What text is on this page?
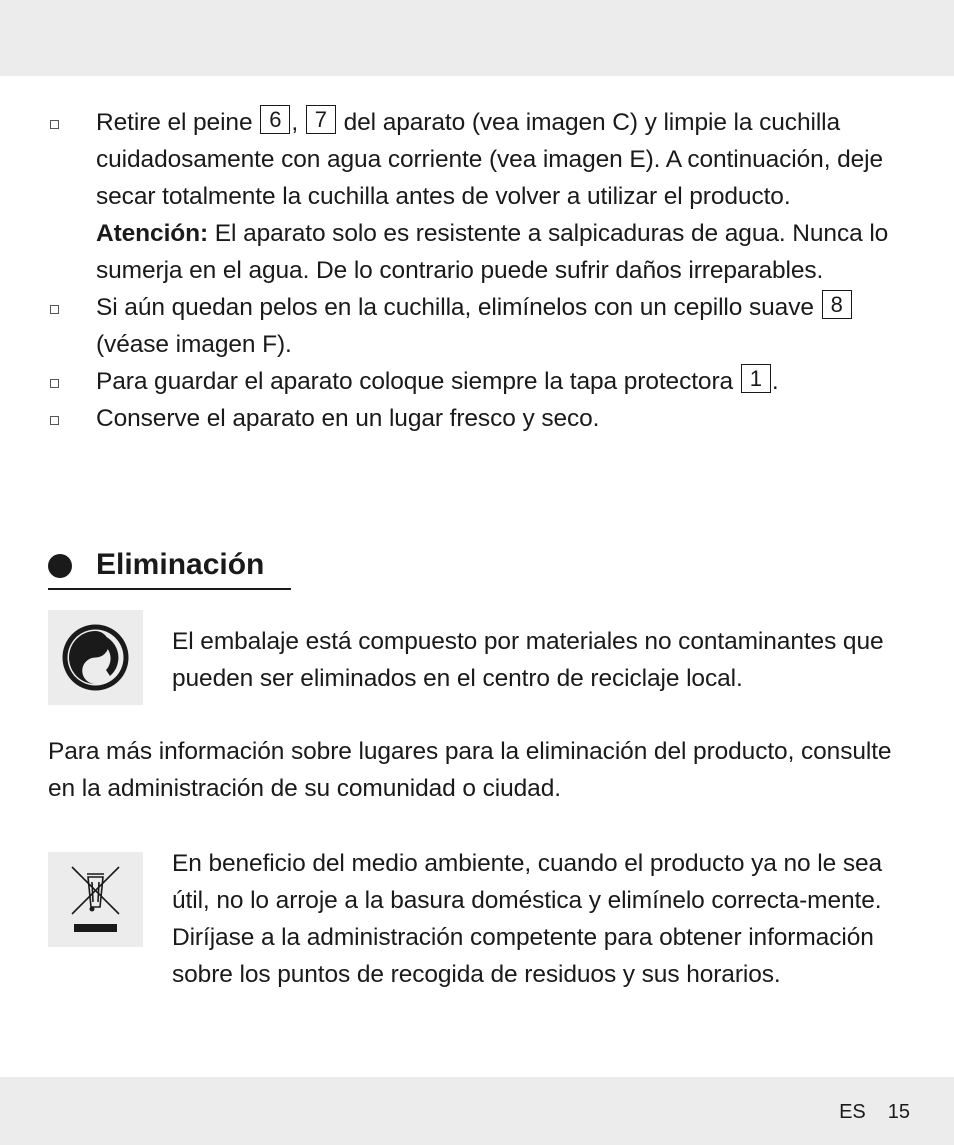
Retire el peine 6 , 7 del aparato (vea imagen C) y limpie la cuchilla cuidadosamente con agua corriente (vea imagen E). A continuación, deje secar totalmente la cuchilla antes de volver a utilizar el producto.
Atención: El aparato solo es resistente a salpicaduras de agua. Nunca lo sumerja en el agua. De lo contrario puede sufrir daños irreparables.
Si aún quedan pelos en la cuchilla, elimínelos con un cepillo suave 8 (véase imagen F).
Para guardar el aparato coloque siempre la tapa protectora 1 .
Conserve el aparato en un lugar fresco y seco.
Eliminación

El embalaje está compuesto por materiales no contaminantes que pueden ser eliminados en el centro de reciclaje local.

Para más información sobre lugares para la eliminación del producto, consulte en la administración de su comunidad o ciudad.

En beneficio del medio ambiente, cuando el producto ya no le sea útil, no lo arroje a la basura doméstica y elimínelo correcta-mente. Diríjase a la administración competente para obtener información sobre los puntos de recogida de residuos y sus horarios.

ES 15
